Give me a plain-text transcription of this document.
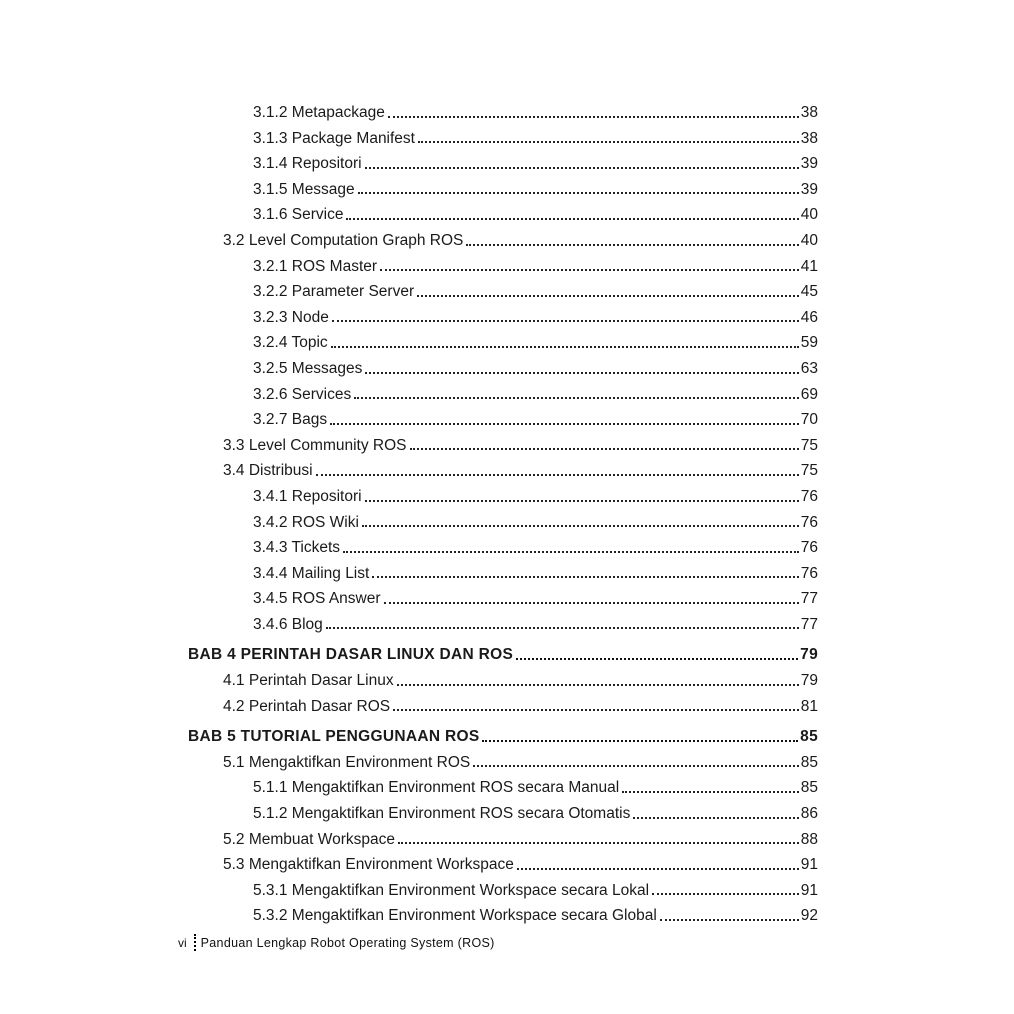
3.1.2 Metapackage	38
3.1.3 Package Manifest	38
3.1.4 Repositori	39
3.1.5 Message	39
3.1.6 Service	40
3.2 Level Computation Graph ROS	40
3.2.1 ROS Master	41
3.2.2 Parameter Server	45
3.2.3 Node	46
3.2.4 Topic	59
3.2.5 Messages	63
3.2.6 Services	69
3.2.7 Bags	70
3.3 Level Community ROS	75
3.4 Distribusi	75
3.4.1 Repositori	76
3.4.2 ROS Wiki	76
3.4.3 Tickets	76
3.4.4 Mailing List	76
3.4.5 ROS Answer	77
3.4.6 Blog	77
BAB 4 PERINTAH DASAR LINUX DAN ROS	79
4.1 Perintah Dasar Linux	79
4.2 Perintah Dasar ROS	81
BAB 5 TUTORIAL PENGGUNAAN ROS	85
5.1 Mengaktifkan Environment ROS	85
5.1.1 Mengaktifkan Environment ROS secara Manual	85
5.1.2 Mengaktifkan Environment ROS secara Otomatis	86
5.2 Membuat Workspace	88
5.3 Mengaktifkan Environment Workspace	91
5.3.1 Mengaktifkan Environment Workspace secara Lokal	91
5.3.2 Mengaktifkan Environment Workspace secara Global	92
vi Panduan Lengkap Robot Operating System (ROS)
